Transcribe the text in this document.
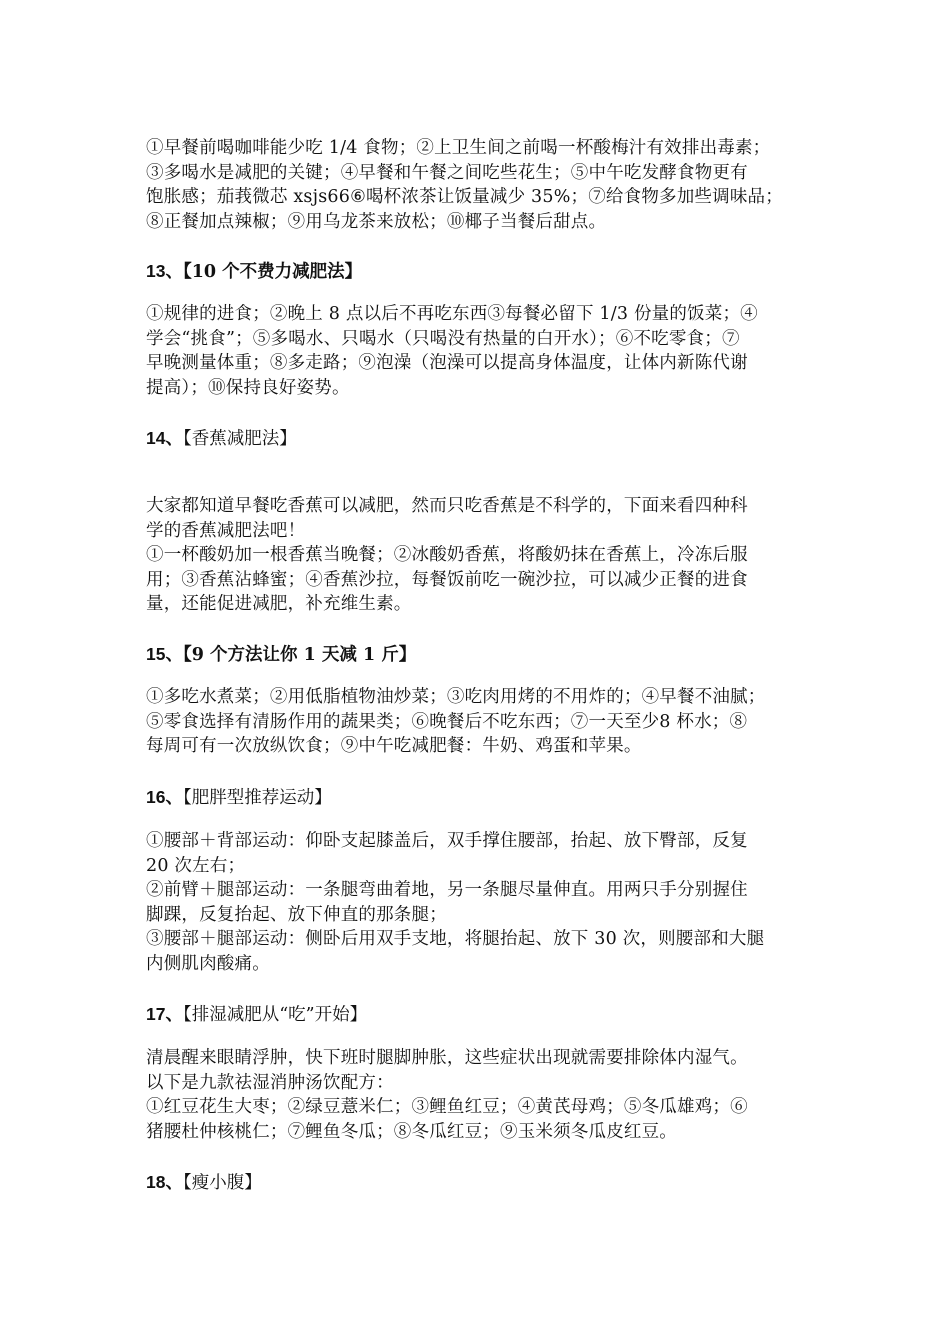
①早餐前喝咖啡能少吃 1/4 食物；②上卫生间之前喝一杯酸梅汁有效排出毒素；
③多喝水是减肥的关键；④早餐和午餐之间吃些花生；⑤中午吃发酵食物更有
饱胀感；茄莪微芯 xsjs66⑥喝杯浓茶让饭量减少 35%；⑦给食物多加些调味品；
⑧正餐加点辣椒；⑨用乌龙茶来放松；⑩椰子当餐后甜点。
13、【10 个不费力减肥法】
①规律的进食；②晚上 8 点以后不再吃东西③每餐必留下 1/3 份量的饭菜；④
学会“挑食”；⑤多喝水、只喝水（只喝没有热量的白开水）；⑥不吃零食；⑦
早晚测量体重；⑧多走路；⑨泡澡（泡澡可以提高身体温度，让体内新陈代谢
提高）；⑩保持良好姿势。
14、【香蕉减肥法】
大家都知道早餐吃香蕉可以减肥，然而只吃香蕉是不科学的，下面来看四种科
学的香蕉减肥法吧！
①一杯酸奶加一根香蕉当晚餐；②冰酸奶香蕉，将酸奶抹在香蕉上，冷冻后服
用；③香蕉沾蜂蜜；④香蕉沙拉，每餐饭前吃一碗沙拉，可以减少正餐的进食
量，还能促进减肥，补充维生素。
15、【9 个方法让你 1 天减 1 斤】
①多吃水煮菜；②用低脂植物油炒菜；③吃肉用烤的不用炸的；④早餐不油腻；
⑤零食选择有清肠作用的蔬果类；⑥晚餐后不吃东西；⑦一天至少8 杯水；⑧
每周可有一次放纵饮食；⑨中午吃减肥餐：牛奶、鸡蛋和苹果。
16、【肥胖型推荐运动】
①腰部＋背部运动：仰卧支起膝盖后，双手撑住腰部，抬起、放下臀部，反复
20 次左右；
②前臂＋腿部运动：一条腿弯曲着地，另一条腿尽量伸直。用两只手分别握住
脚踝，反复抬起、放下伸直的那条腿；
③腰部＋腿部运动：侧卧后用双手支地，将腿抬起、放下 30 次，则腰部和大腿
内侧肌肉酸痛。
17、【排湿减肥从“吃”开始】
清晨醒来眼睛浮肿，快下班时腿脚肿胀，这些症状出现就需要排除体内湿气。
以下是九款祛湿消肿汤饮配方：
①红豆花生大枣；②绿豆薏米仁；③鲤鱼红豆；④黄芪母鸡；⑤冬瓜雄鸡；⑥
猪腰杜仲核桃仁；⑦鲤鱼冬瓜；⑧冬瓜红豆；⑨玉米须冬瓜皮红豆。
18、【瘦小腹】
